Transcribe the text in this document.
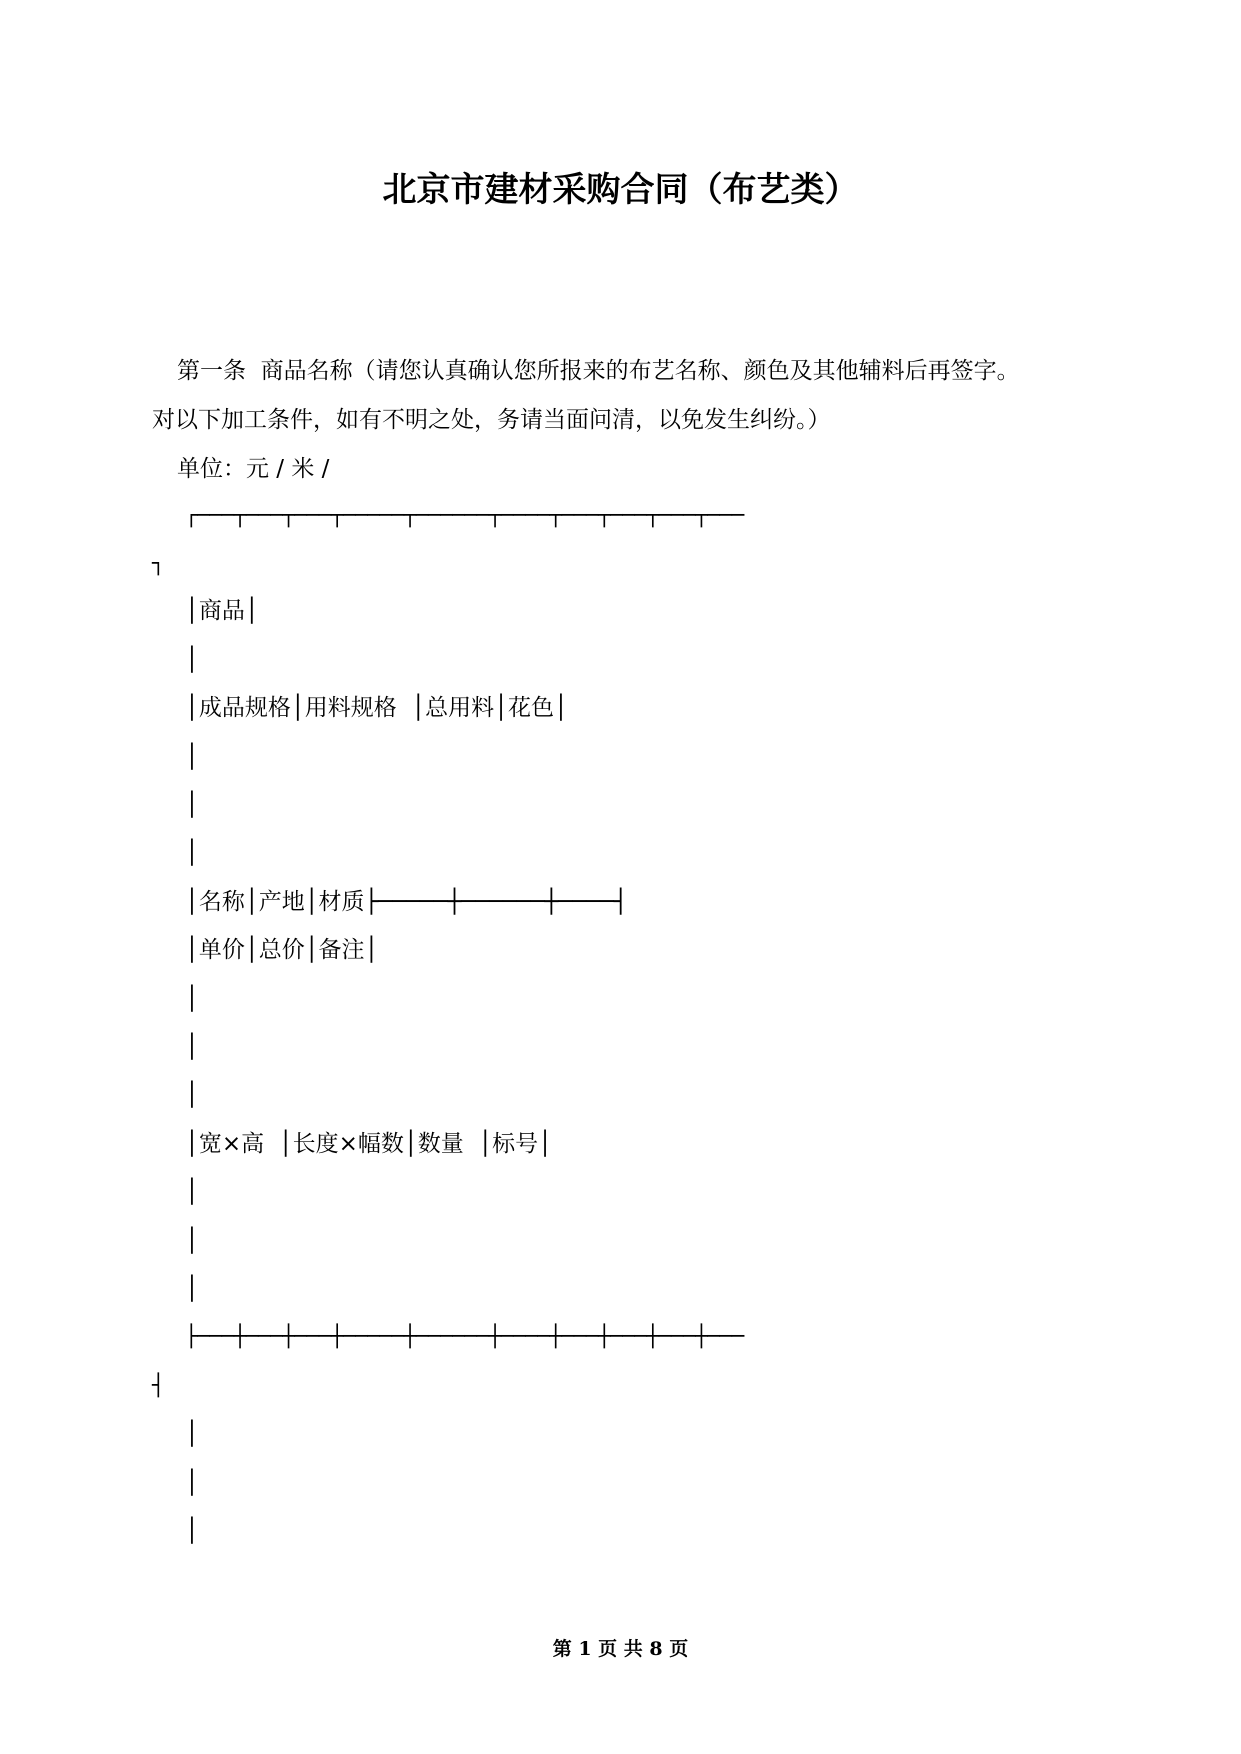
北京市建材采购合同（布艺类）
第一条  商品名称（请您认真确认您所报来的布艺名称、颜色及其他辅料后再签字。
对以下加工条件，如有不明之处，务请当面问清，以免发生纠纷。）
单位：元 / 米 /
┌───┬───┬───┬─────┬──────┬────┬───┬───┬───┬───
┐
│商品│
│
│成品规格│用料规格  │总用料│花色│
│
│
│
│名称│产地│材质├─────┼──────┼────┤
│单价│总价│备注│
│
│
│
│宽×高  │长度×幅数│数量  │标号│
│
│
│
├───┼───┼───┼─────┼──────┼────┼───┼───┼───┼───
┤
│
│
│
第 1 页 共 8 页
